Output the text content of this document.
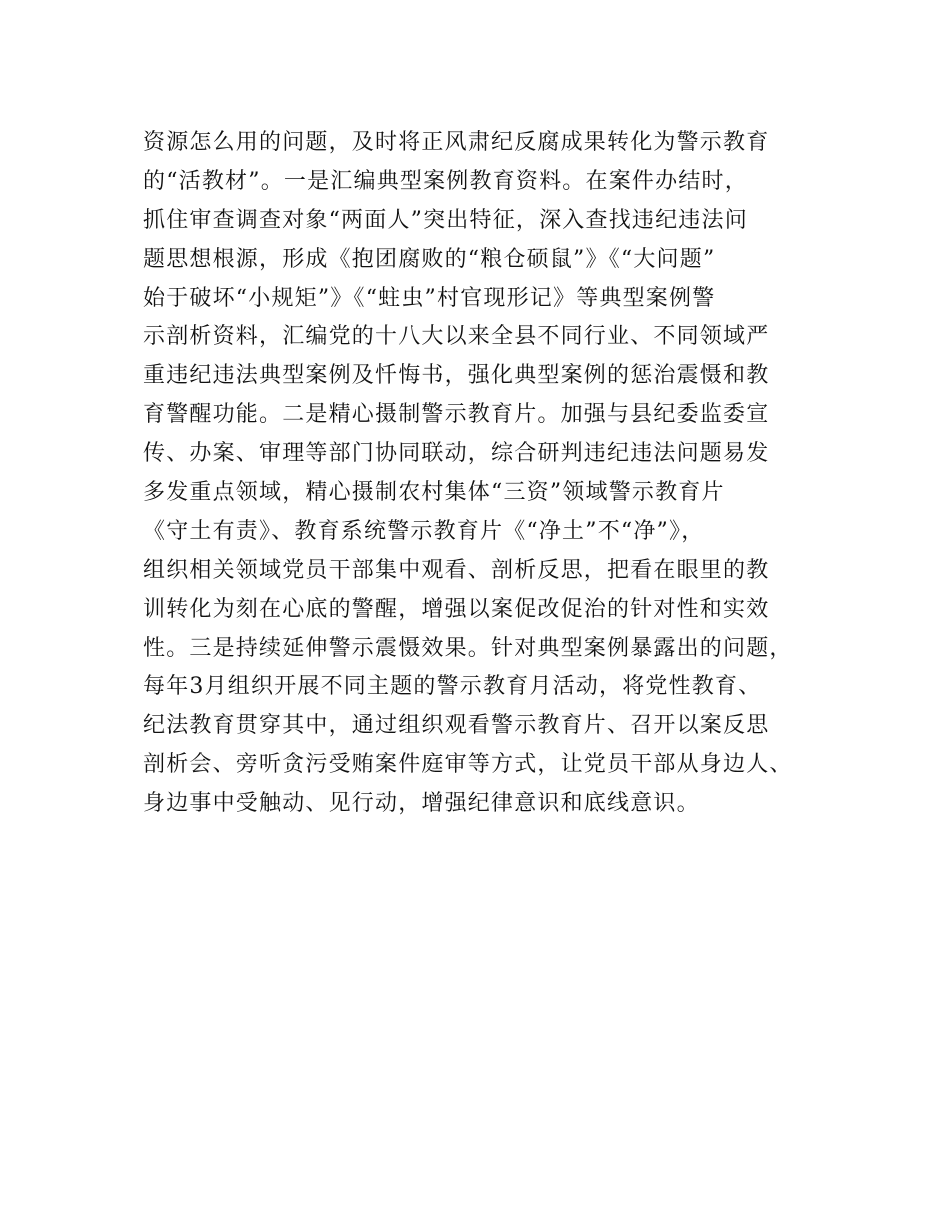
资源怎么用的问题，及时将正风肃纪反腐成果转化为警示教育
的“活教材”。一是汇编典型案例教育资料。在案件办结时，
抓住审查调查对象“两面人”突出特征，深入查找违纪违法问
题思想根源，形成《抱团腐败的“粮仓硕鼠”》《“大问题”
始于破坏“小规矩”》《“蛀虫”村官现形记》等典型案例警
示剖析资料，汇编党的十八大以来全县不同行业、不同领域严
重违纪违法典型案例及忏悔书，强化典型案例的惩治震慑和教
育警醒功能。二是精心摄制警示教育片。加强与县纪委监委宣
传、办案、审理等部门协同联动，综合研判违纪违法问题易发
多发重点领域，精心摄制农村集体“三资”领域警示教育片
《守土有责》、教育系统警示教育片《“净土”不“净”》，
组织相关领域党员干部集中观看、剖析反思，把看在眼里的教
训转化为刻在心底的警醒，增强以案促改促治的针对性和实效
性。三是持续延伸警示震慑效果。针对典型案例暴露出的问题，
每年3月组织开展不同主题的警示教育月活动，将党性教育、
纪法教育贯穿其中，通过组织观看警示教育片、召开以案反思
剖析会、旁听贪污受贿案件庭审等方式，让党员干部从身边人、
身边事中受触动、见行动，增强纪律意识和底线意识。
